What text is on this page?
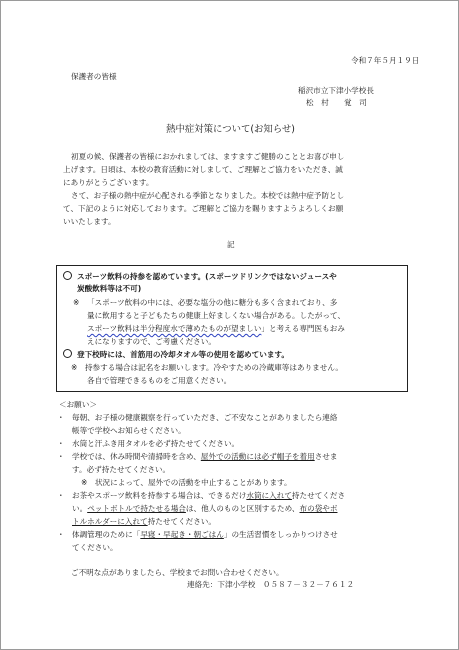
令和７年５月１９日
保護者の皆様
稲沢市立下津小学校長
松　村　　覚　司
熱中症対策について(お知らせ)
初夏の候、保護者の皆様におかれましては、ますますご健勝のこととお喜び申し
上げます。日頃は、本校の教育活動に対しまして、ご理解とご協力をいただき、誠
にありがとうございます。
さて、お子様の熱中症が心配される季節となりました。本校では熱中症予防とし
て、下記のように対応しております。ご理解とご協力を賜りますようよろしくお願
いいたします。
記
スポーツ飲料の持参を認めています。(スポーツドリンクではないジュースや
炭酸飲料等は不可)
※ 「スポーツ飲料の中には、必要な塩分の他に糖分も多く含まれており、多
量に飲用すると子どもたちの健康上好ましくない場合がある。したがって、
スポーツ飲料は半分程度水で薄めたものが望ましい」と考える専門医もおみ
えになりますので、ご考慮ください。
登下校時には、首筋用の冷却タオル等の使用を認めています。
※　持参する場合は記名をお願いします。冷やすための冷蔵庫等はありません。
各自で管理できるものをご用意ください。
＜お願い＞
・ 毎朝、お子様の健康観察を行っていただき、ご不安なことがありましたら連絡
帳等で学校へお知らせください。
・ 水筒と汗ふき用タオルを必ず持たせてください。
・ 学校では、休み時間や清掃時を含め、屋外での活動には必ず帽子を着用させま
す。必ず持たせてください。
※　状況によって、屋外での活動を中止することがあります。
・ お茶やスポーツ飲料を持参する場合は、できるだけ水筒に入れて持たせてくださ
い。ペットボトルで持たせる場合は、他人のものと区別するため、布の袋やボ
トルホルダーに入れて持たせてください。
・ 体調管理のために「早寝・早起き・朝ごはん」の生活習慣をしっかりつけさせ
てください。
ご不明な点がありましたら、学校までお問い合わせください。
連絡先：下津小学校　０５８７－３２－７６１２
